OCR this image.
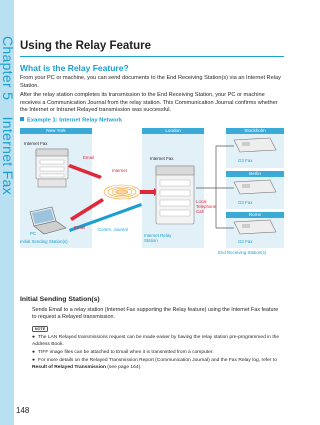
Chapter 5  Internet Fax
Using the Relay Feature
What is the Relay Feature?
From your PC or machine, you can send documents to the End Receiving Station(s) via an Internet Relay Station.
After the relay station completes its transmission to the End Receiving Station, your PC or machine receives a Communication Journal from the relay station. This Communication Journal confirms whether the Internet or Intranet Relayed transmission was successful.
Example 1: Internet Relay Network
New York	London	Stockholm
Berlin
Rome
Internet Fax
Email
Internet
Internet Fax
Email	Comm. Journal
PC
Initial Sending Station(s)
Internet Relay Station
Local Telephone Call
G3 Fax
G3 Fax
G3 Fax
End Receiving Station(s)
Initial Sending Station(s)
Sends Email to a relay station (Internet Fax supporting the Relay feature) using the Internet Fax feature to request a Relayed transmission.
NOTE
● The LAN Relayed transmissions request can be made easier by having the relay station pre-programmed in the Address Book.
● TIFF image files can be attached to Email when it is transmitted from a computer.
● For more details on the Relayed Transmission Report (Communication Journal) and the Fax Relay log, refer to Result of Relayed Transmission (see page 164).
148
